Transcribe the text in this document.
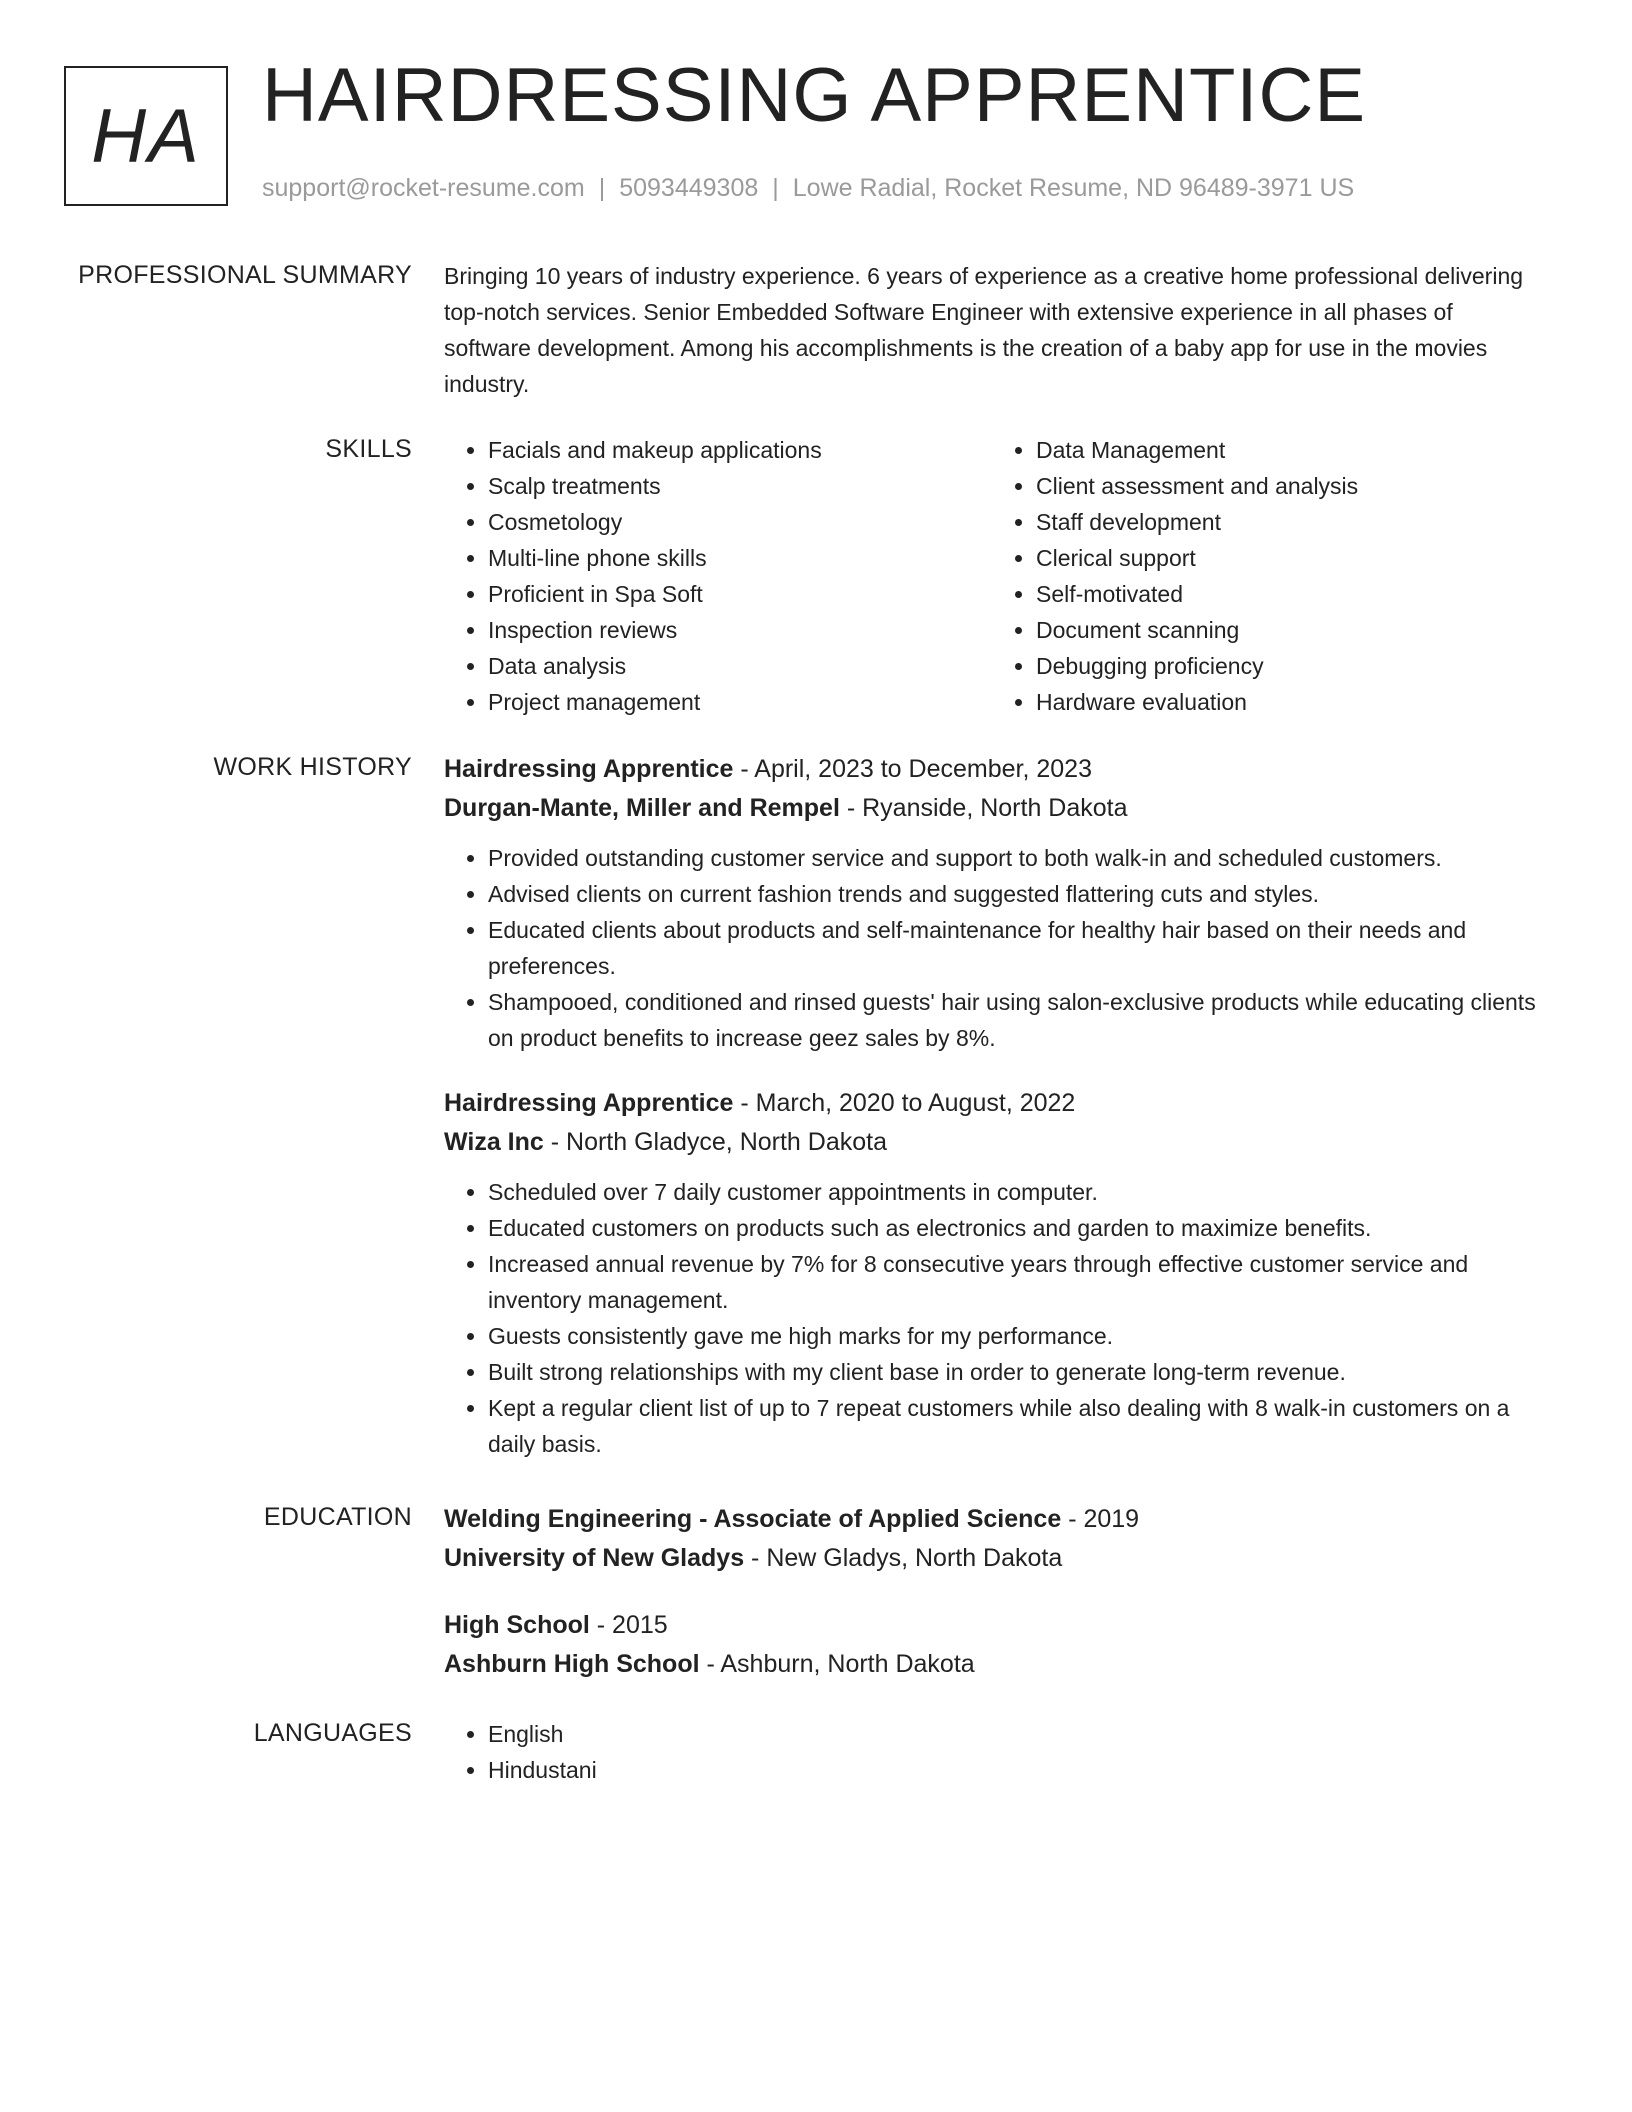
HA HAIRDRESSING APPRENTICE
support@rocket-resume.com | 5093449308 | Lowe Radial, Rocket Resume, ND 96489-3971 US
PROFESSIONAL SUMMARY Bringing 10 years of industry experience. 6 years of experience as a creative home professional delivering top-notch services. Senior Embedded Software Engineer with extensive experience in all phases of software development. Among his accomplishments is the creation of a baby app for use in the movies industry.

SKILLS	• Facials and makeup applications
• Scalp treatments
• Cosmetology
• Multi-line phone skills
• Proficient in Spa Soft
• Inspection reviews
• Data analysis
• Project management
• Data Management
• Client assessment and analysis
• Staff development
• Clerical support
• Self-motivated
• Document scanning
• Debugging proficiency
• Hardware evaluation
WORK HISTORY Hairdressing Apprentice - April, 2023 to December, 2023
Durgan-Mante, Miller and Rempel - Ryanside, North Dakota
• Provided outstanding customer service and support to both walk-in and scheduled customers.
• Advised clients on current fashion trends and suggested flattering cuts and styles.
• Educated clients about products and self-maintenance for healthy hair based on their needs and preferences.
• Shampooed, conditioned and rinsed guests' hair using salon-exclusive products while educating clients on product benefits to increase geez sales by 8%.
Hairdressing Apprentice - March, 2020 to August, 2022
Wiza Inc - North Gladyce, North Dakota
• Scheduled over 7 daily customer appointments in computer.
• Educated customers on products such as electronics and garden to maximize benefits.
• Increased annual revenue by 7% for 8 consecutive years through effective customer service and inventory management.
• Guests consistently gave me high marks for my performance.
• Built strong relationships with my client base in order to generate long-term revenue.
• Kept a regular client list of up to 7 repeat customers while also dealing with 8 walk-in customers on a daily basis.
EDUCATION Welding Engineering - Associate of Applied Science - 2019
University of New Gladys - New Gladys, North Dakota
High School - 2015
Ashburn High School - Ashburn, North Dakota
LANGUAGES	• English
• Hindustani
